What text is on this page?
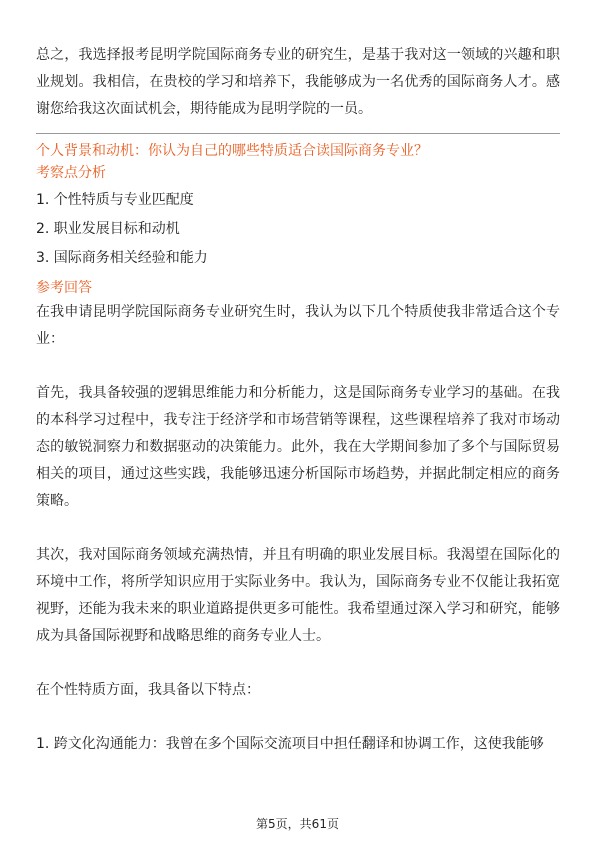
总之，我选择报考昆明学院国际商务专业的研究生，是基于我对这一领域的兴趣和职业规划。我相信，在贵校的学习和培养下，我能够成为一名优秀的国际商务人才。感谢您给我这次面试机会，期待能成为昆明学院的一员。

个人背景和动机：你认为自己的哪些特质适合读国际商务专业？

考察点分析

1. 个性特质与专业匹配度

2. 职业发展目标和动机

3. 国际商务相关经验和能力

参考回答

在我申请昆明学院国际商务专业研究生时，我认为以下几个特质使我非常适合这个专业：

首先，我具备较强的逻辑思维能力和分析能力，这是国际商务专业学习的基础。在我的本科学习过程中，我专注于经济学和市场营销等课程，这些课程培养了我对市场动态的敏锐洞察力和数据驱动的决策能力。此外，我在大学期间参加了多个与国际贸易相关的项目，通过这些实践，我能够迅速分析国际市场趋势，并据此制定相应的商务策略。

其次，我对国际商务领域充满热情，并且有明确的职业发展目标。我渴望在国际化的环境中工作，将所学知识应用于实际业务中。我认为，国际商务专业不仅能让我拓宽视野，还能为我未来的职业道路提供更多可能性。我希望通过深入学习和研究，能够成为具备国际视野和战略思维的商务专业人士。

在个性特质方面，我具备以下特点：

1. 跨文化沟通能力：我曾在多个国际交流项目中担任翻译和协调工作，这使我能够

第5页，共61页
